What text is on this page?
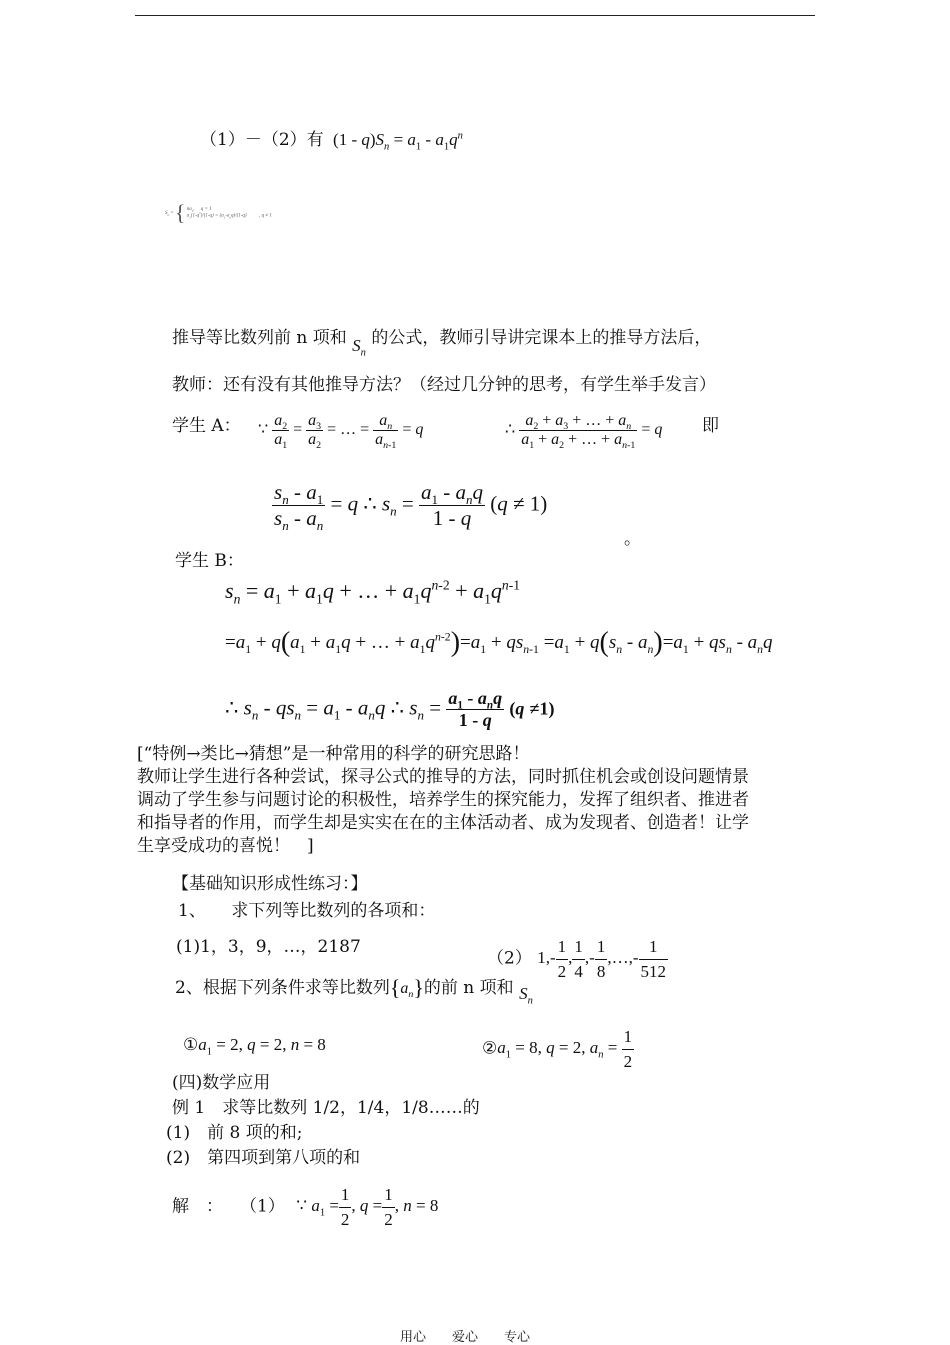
（1）－（2）有 $(1 - q)S_n = a_1 - a_1q^n$
$S_n$ = { $na_1$,     q = 1
$a_1(1-q^n)/(1-q) = (a_1-a_nq)/(1-q)$          , q ≠ 1
推导等比数列前 n 项和 $S_n$ 的公式，教师引导讲完课本上的推导方法后，
教师：还有没有其他推导方法？（经过几分钟的思考，有学生举手发言）
学生 A： ∵ $\frac{a_2}{a_1} = \frac{a_3}{a_2}$ = … = $\frac{a_n}{a_{n-1}} = q$	∴ $\frac{a_2 + a_3 + \dots + a_n}{a_1 + a_2 + \dots + a_{n-1}} = q$ 即
$\frac{s_n - a_1}{s_n - a_n} = q$ ∴ $s_n = \frac{a_1 - a_nq}{1 - q} (q \ne 1)$
。
学生 B：
$s_n = a_1 + a_1q$ + … + $a_1q^{n-2} + a_1q^{n-1}$
$=a_1 + q(a_1 + a_1q$ + … + $a_1q^{n-2})=a_1 + qs_{n-1} =a_1 + q(s_n - a_n)=a_1 + qs_n - a_nq$
∴ $s_n - qs_n = a_1 - a_nq$ ∴ $s_n = \frac{a_1 - a_nq}{1 - q} (q \ne 1)$
[“特例→类比→猜想”是一种常用的科学的研究思路！
教师让学生进行各种尝试，探寻公式的推导的方法，同时抓住机会或创设问题情景
调动了学生参与问题讨论的积极性，培养学生的探究能力，发挥了组织者、推进者
和指导者的作用，而学生却是实实在在的主体活动者、成为发现者、创造者！让学
生享受成功的喜悦！　]
【基础知识形成性练习：】
1、　　求下列等比数列的各项和：
(1)1，3，9，…，2187
（2） $1,- \frac{1}{2}$ , $\frac{1}{4}$ ,- $\frac{1}{8}$ ,…,- $\frac{1}{512}$
2、根据下列条件求等比数列$\{a_n\}$的前 n 项和 $S_n$
$①a_1 = 2$, q = 2, n = 8	$②a_1 = 8$, q = 2, $a_n = \frac{1}{2}$
(四)数学应用
例 1　求等比数列 1/2，1/4，1/8……的
(1)　前 8 项的和;
(2)　第四项到第八项的和
解　：　　（1） ∵ $a_1 = \frac{1}{2}$ , $q = \frac{1}{2}$ , n = 8
用心　　爱心　　专心
